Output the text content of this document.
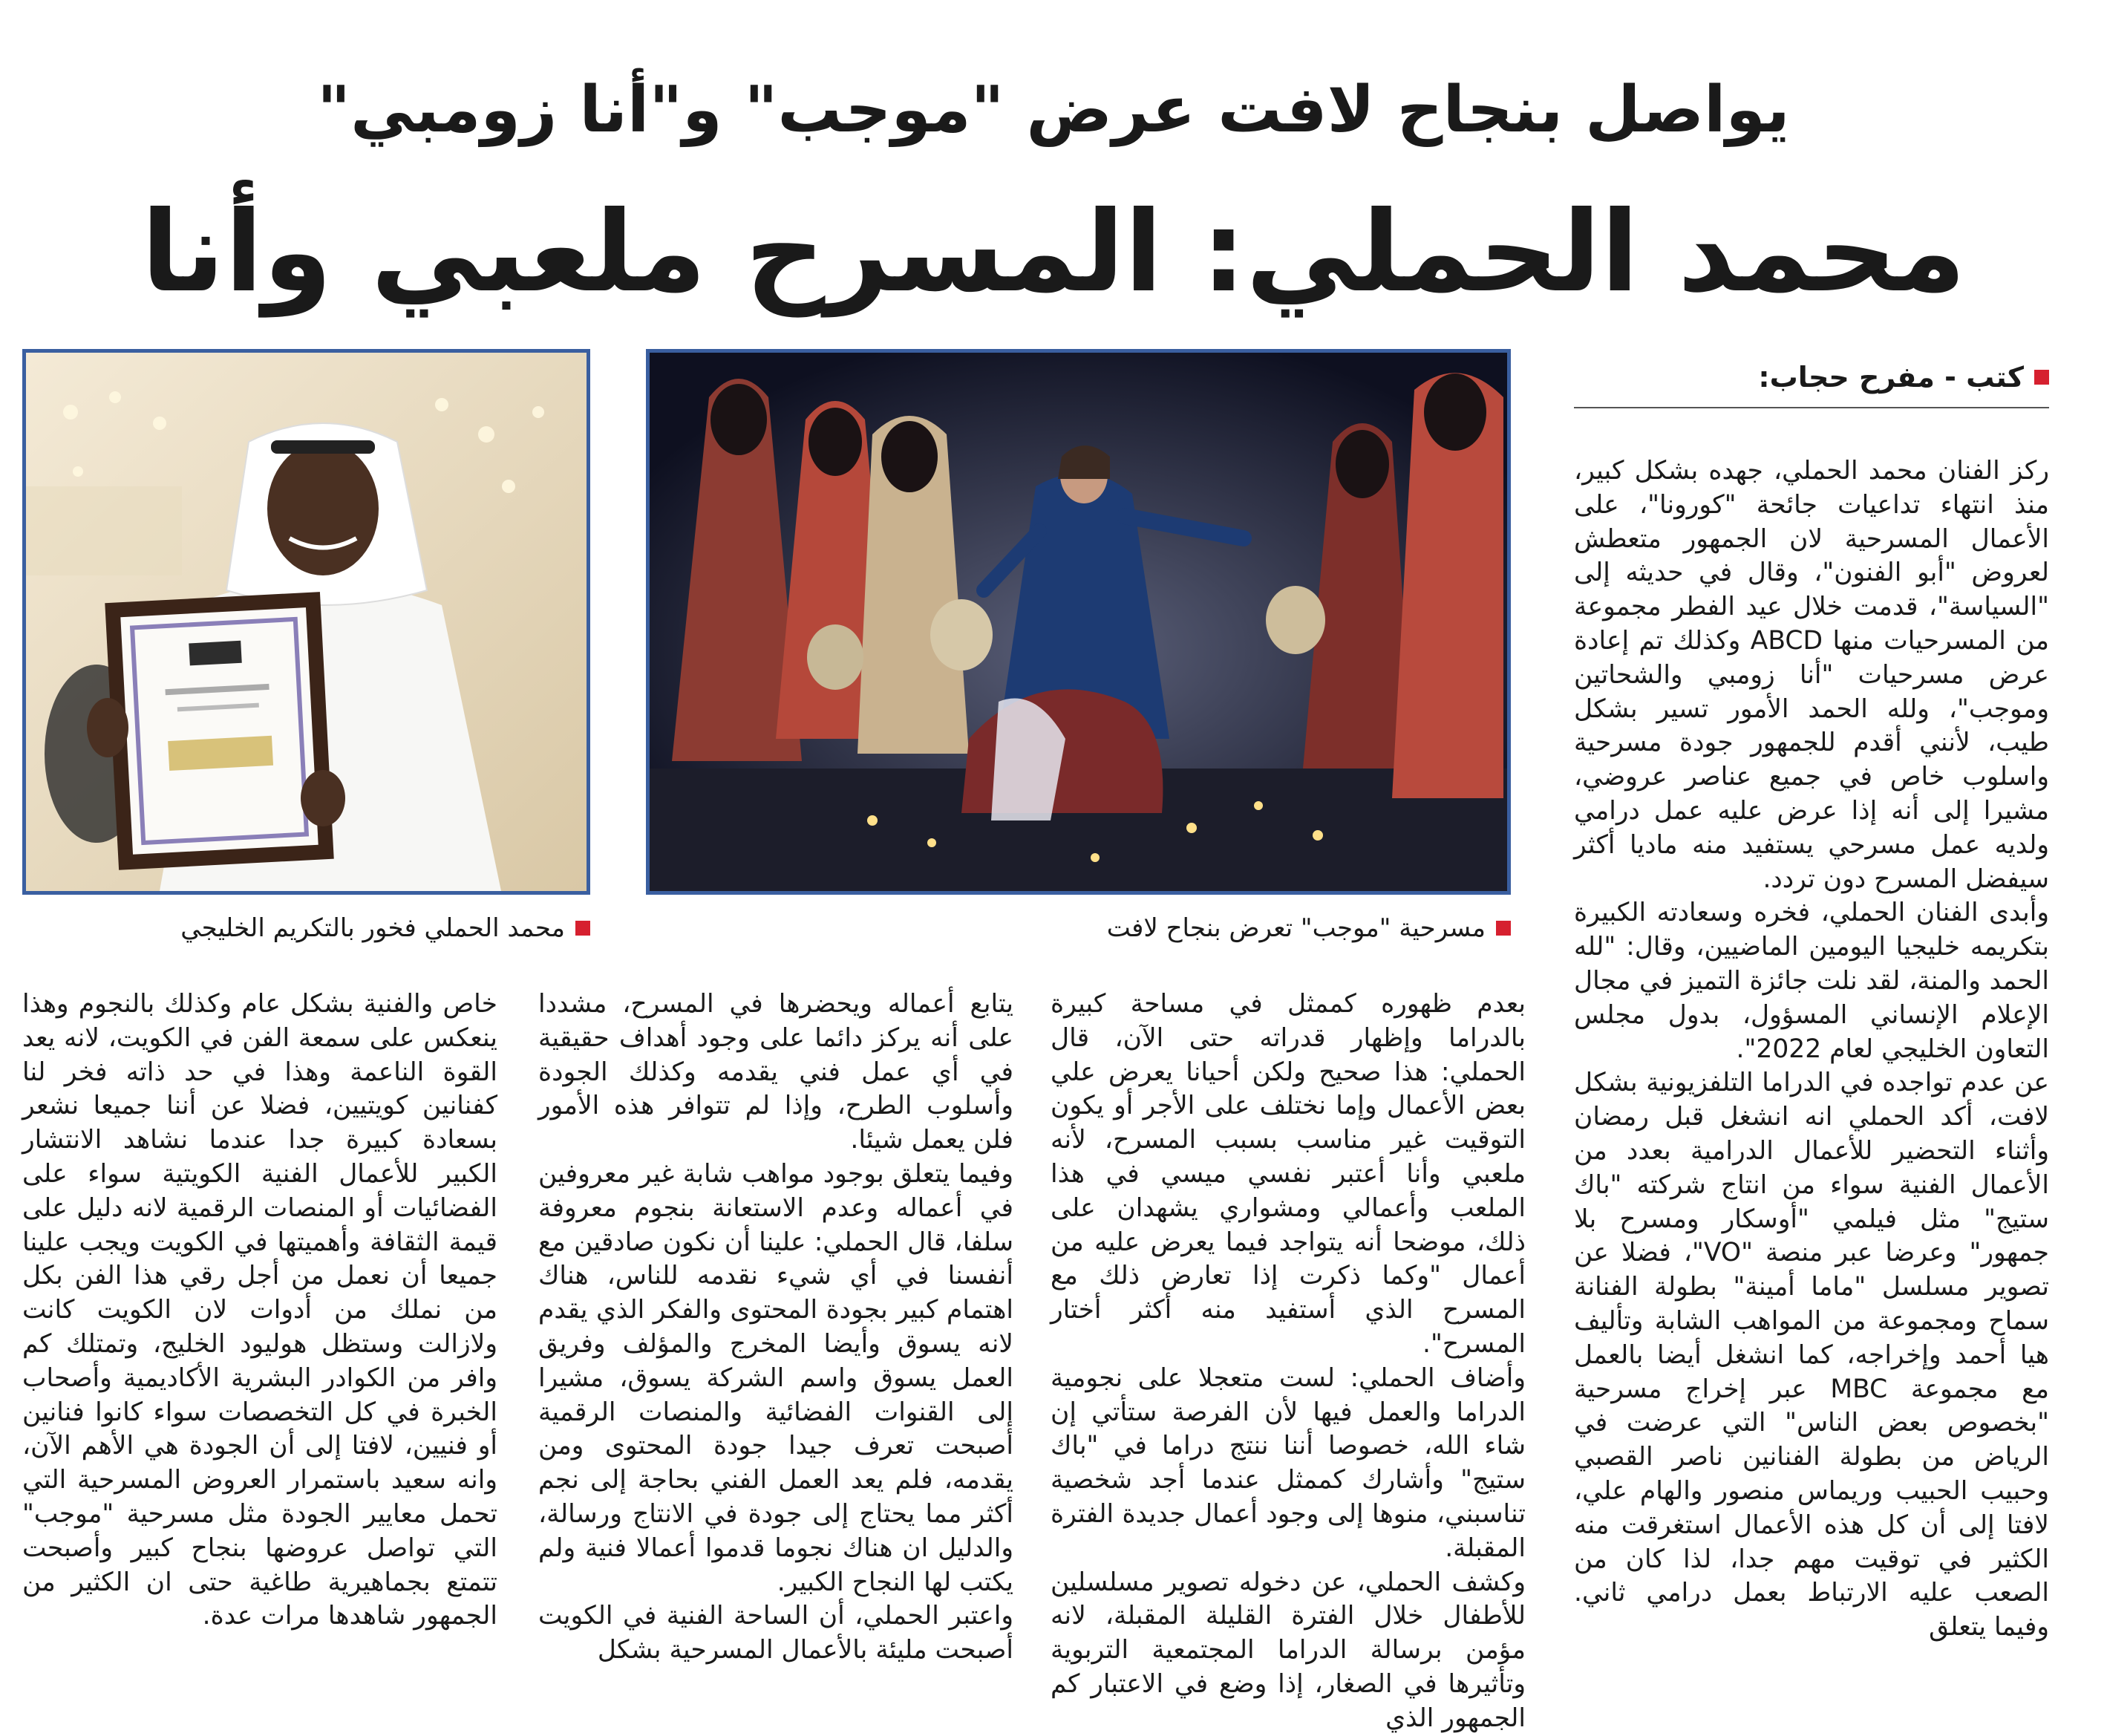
يواصل بنجاح لافت عرض "موجب" و"أنا زومبي"
محمد الحملي: المسرح ملعبي وأنا
محمد الحملي فخور بالتكريم الخليجي	مسرحية "موجب" تعرض بنجاح لافت
كتب - مفرح حجاب:

ركز الفنان محمد الحملي، جهده بشكل كبير، منذ انتهاء تداعيات جائحة "كورونا"، على الأعمال المسرحية لان الجمهور متعطش لعروض "أبو الفنون"، وقال في حديثه إلى "السياسة"، قدمت خلال عيد الفطر مجموعة من المسرحيات منها ABCD وكذلك تم إعادة عرض مسرحيات "أنا زومبي والشحاتين وموجب"، ولله الحمد الأمور تسير بشكل طيب، لأنني أقدم للجمهور جودة مسرحية واسلوب خاص في جميع عناصر عروضي، مشيرا إلى أنه إذا عرض عليه عمل درامي ولديه عمل مسرحي يستفيد منه ماديا أكثر سيفضل المسرح دون تردد.

وأبدى الفنان الحملي، فخره وسعادته الكبيرة بتكريمه خليجيا اليومين الماضيين، وقال: "لله الحمد والمنة، لقد نلت جائزة التميز في مجال الإعلام الإنساني المسؤول، بدول مجلس التعاون الخليجي لعام 2022".

عن عدم تواجده في الدراما التلفزيونية بشكل لافت، أكد الحملي انه انشغل قبل رمضان وأثناء التحضير للأعمال الدرامية بعدد من الأعمال الفنية سواء من انتاج شركته "باك ستيج" مثل فيلمي "أوسكار ومسرح بلا جمهور" وعرضا عبر منصة "VO"، فضلا عن تصوير مسلسل "ماما أمينة" بطولة الفنانة سماح ومجموعة من المواهب الشابة وتأليف هيا أحمد وإخراجه، كما انشغل أيضا بالعمل مع مجموعة MBC عبر إخراج مسرحية "بخصوص بعض الناس" التي عرضت في الرياض من بطولة الفنانين ناصر القصبي وحبيب الحبيب وريماس منصور والهام علي، لافتا إلى أن كل هذه الأعمال استغرقت منه الكثير في توقيت مهم جدا، لذا كان من الصعب عليه الارتباط بعمل درامي ثاني. وفيما يتعلق

بعدم ظهوره كممثل في مساحة كبيرة بالدراما وإظهار قدراته حتى الآن، قال الحملي: هذا صحيح ولكن أحيانا يعرض علي بعض الأعمال وإما نختلف على الأجر أو يكون التوقيت غير مناسب بسبب المسرح، لأنه ملعبي وأنا أعتبر نفسي ميسي في هذا الملعب وأعمالي ومشواري يشهدان على ذلك، موضحا أنه يتواجد فيما يعرض عليه من أعمال "وكما ذكرت إذا تعارض ذلك مع المسرح الذي أستفيد منه أكثر أختار المسرح".

وأضاف الحملي: لست متعجلا على نجومية الدراما والعمل فيها لأن الفرصة ستأتي إن شاء الله، خصوصا أننا ننتج دراما في "باك ستيج" وأشارك كممثل عندما أجد شخصية تناسبني، منوها إلى وجود أعمال جديدة الفترة المقبلة.

وكشف الحملي، عن دخوله تصوير مسلسلين للأطفال خلال الفترة القليلة المقبلة، لانه مؤمن برسالة الدراما المجتمعية التربوية وتأثيرها في الصغار، إذا وضع في الاعتبار كم الجمهور الذي

يتابع أعماله ويحضرها في المسرح، مشددا على أنه يركز دائما على وجود أهداف حقيقية في أي عمل فني يقدمه وكذلك الجودة وأسلوب الطرح، وإذا لم تتوافر هذه الأمور فلن يعمل شيئا.

وفيما يتعلق بوجود مواهب شابة غير معروفين في أعماله وعدم الاستعانة بنجوم معروفة سلفا، قال الحملي: علينا أن نكون صادقين مع أنفسنا في أي شيء نقدمه للناس، هناك اهتمام كبير بجودة المحتوى والفكر الذي يقدم لانه يسوق وأيضا المخرج والمؤلف وفريق العمل يسوق واسم الشركة يسوق، مشيرا إلى القنوات الفضائية والمنصات الرقمية أصبحت تعرف جيدا جودة المحتوى ومن يقدمه، فلم يعد العمل الفني بحاجة إلى نجم أكثر مما يحتاج إلى جودة في الانتاج ورسالة، والدليل ان هناك نجوما قدموا أعمالا فنية ولم يكتب لها النجاح الكبير.

واعتبر الحملي، أن الساحة الفنية في الكويت أصبحت مليئة بالأعمال المسرحية بشكل

خاص والفنية بشكل عام وكذلك بالنجوم وهذا ينعكس على سمعة الفن في الكويت، لانه يعد القوة الناعمة وهذا في حد ذاته فخر لنا كفنانين كويتيين، فضلا عن أننا جميعا نشعر بسعادة كبيرة جدا عندما نشاهد الانتشار الكبير للأعمال الفنية الكويتية سواء على الفضائيات أو المنصات الرقمية لانه دليل على قيمة الثقافة وأهميتها في الكويت ويجب علينا جميعا أن نعمل من أجل رقي هذا الفن بكل من نملك من أدوات لان الكويت كانت ولازالت وستظل هوليود الخليج، وتمتلك كم وافر من الكوادر البشرية الأكاديمية وأصحاب الخبرة في كل التخصصات سواء كانوا فنانين أو فنيين، لافتا إلى أن الجودة هي الأهم الآن، وانه سعيد باستمرار العروض المسرحية التي تحمل معايير الجودة مثل مسرحية "موجب" التي تواصل عروضها بنجاح كبير وأصبحت تتمتع بجماهيرية طاغية حتى ان الكثير من الجمهور شاهدها مرات عدة.
